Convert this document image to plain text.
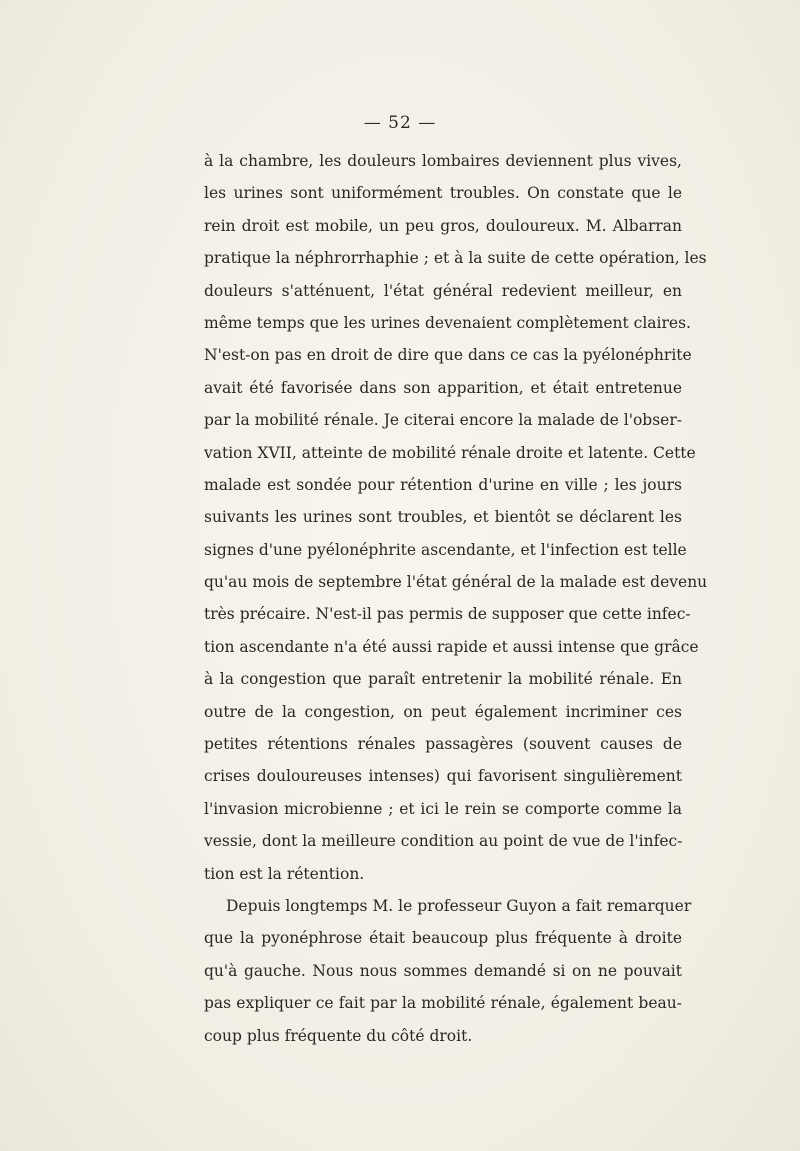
— 52 —
à la chambre, les douleurs lombaires deviennent plus vives,
les urines sont uniformément troubles. On constate que le
rein droit est mobile, un peu gros, douloureux. M. Albarran
pratique la néphrorrhaphie ; et à la suite de cette opération, les
douleurs s'atténuent, l'état général redevient meilleur, en
même temps que les urines devenaient complètement claires.
N'est-on pas en droit de dire que dans ce cas la pyélonéphrite
avait été favorisée dans son apparition, et était entretenue
par la mobilité rénale. Je citerai encore la malade de l'obser-
vation XVII, atteinte de mobilité rénale droite et latente. Cette
malade est sondée pour rétention d'urine en ville ; les jours
suivants les urines sont troubles, et bientôt se déclarent les
signes d'une pyélonéphrite ascendante, et l'infection est telle
qu'au mois de septembre l'état général de la malade est devenu
très précaire. N'est-il pas permis de supposer que cette infec-
tion ascendante n'a été aussi rapide et aussi intense que grâce
à la congestion que paraît entretenir la mobilité rénale. En
outre de la congestion, on peut également incriminer ces
petites rétentions rénales passagères (souvent causes de
crises douloureuses intenses) qui favorisent singulièrement
l'invasion microbienne ; et ici le rein se comporte comme la
vessie, dont la meilleure condition au point de vue de l'infec-
tion est la rétention.
Depuis longtemps M. le professeur Guyon a fait remarquer
que la pyonéphrose était beaucoup plus fréquente à droite
qu'à gauche. Nous nous sommes demandé si on ne pouvait
pas expliquer ce fait par la mobilité rénale, également beau-
coup plus fréquente du côté droit.
